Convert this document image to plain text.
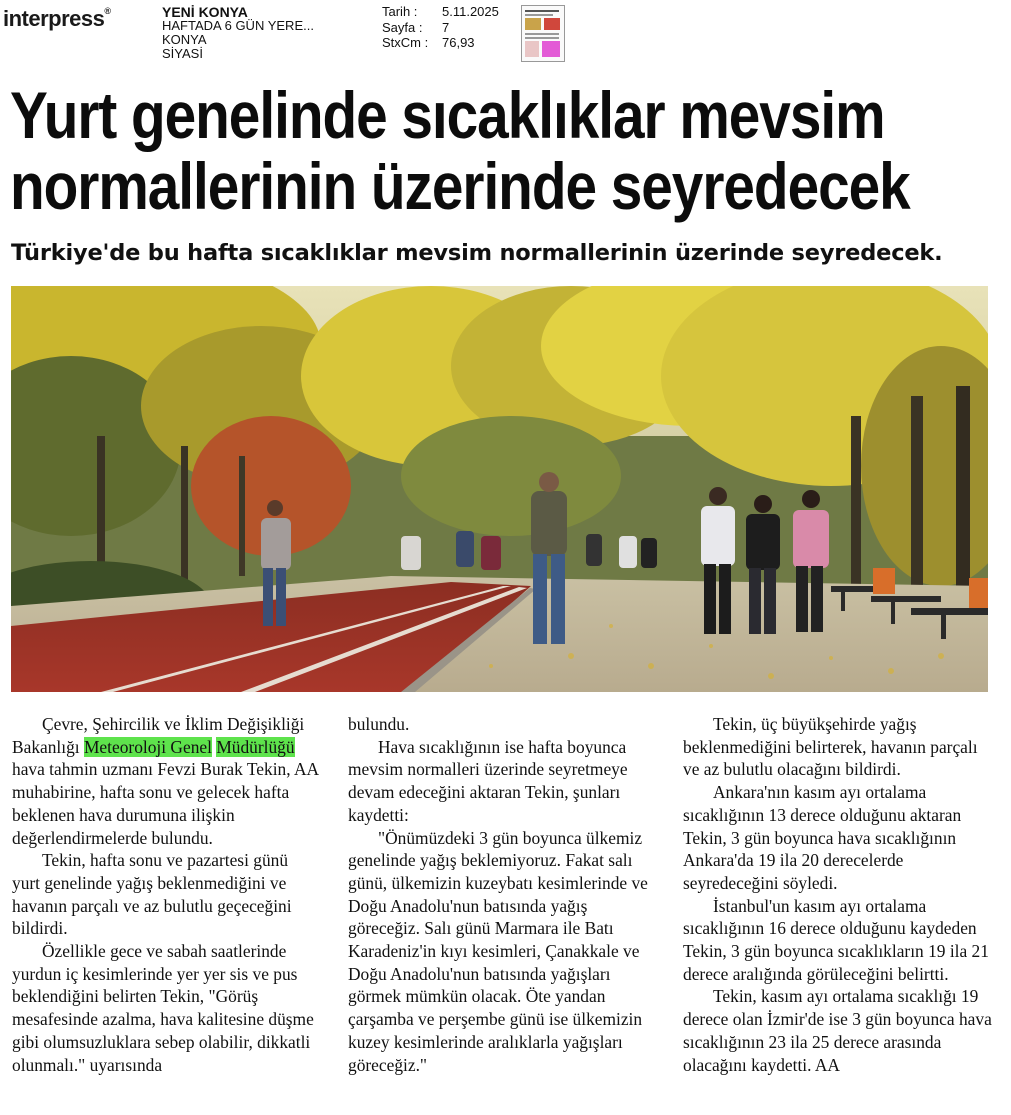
interpress®	YENİ KONYA
HAFTADA 6 GÜN YERE...
KONYA
SİYASİ
Tarih :	5.11.2025
Sayfa :	7
StxCm :	76,93
Yurt genelinde sıcaklıklar mevsim
normallerinin üzerinde seyredecek
Türkiye'de bu hafta sıcaklıklar mevsim normallerinin üzerinde seyredecek.

Çevre, Şehircilik ve İklim Değişikliği Bakanlığı Meteoroloji Genel Müdürlüğü hava tahmin uzmanı Fevzi Burak Tekin, AA muhabirine, hafta sonu ve gelecek hafta beklenen hava durumuna ilişkin değerlendirmelerde bulundu.

Tekin, hafta sonu ve pazartesi günü yurt genelinde yağış beklenmediğini ve havanın parçalı ve az bulutlu geçeceğini bildirdi.

Özellikle gece ve sabah saatlerinde yurdun iç kesimlerinde yer yer sis ve pus beklendiğini belirten Tekin, "Görüş mesafesinde azalma, hava kalitesine düşme gibi olumsuzluklara sebep olabilir, dikkatli olunmalı." uyarısında

bulundu.

Hava sıcaklığının ise hafta boyunca mevsim normalleri üzerinde seyretmeye devam edeceğini aktaran Tekin, şunları kaydetti:

"Önümüzdeki 3 gün boyunca ülkemiz genelinde yağış beklemiyoruz. Fakat salı günü, ülkemizin kuzeybatı kesimlerinde ve Doğu Anadolu'nun batısında yağış göreceğiz. Salı günü Marmara ile Batı Karadeniz'in kıyı kesimleri, Çanakkale ve Doğu Anadolu'nun batısında yağışları görmek mümkün olacak. Öte yandan çarşamba ve perşembe günü ise ülkemizin kuzey kesimlerinde aralıklarla yağışları göreceğiz."

Tekin, üç büyükşehirde yağış beklenmediğini belirterek, havanın parçalı ve az bulutlu olacağını bildirdi.

Ankara'nın kasım ayı ortalama sıcaklığının 13 derece olduğunu aktaran Tekin, 3 gün boyunca hava sıcaklığının Ankara'da 19 ila 20 derecelerde seyredeceğini söyledi.

İstanbul'un kasım ayı ortalama sıcaklığının 16 derece olduğunu kaydeden Tekin, 3 gün boyunca sıcaklıkların 19 ila 21 derece aralığında görüleceğini belirtti.

Tekin, kasım ayı ortalama sıcaklığı 19 derece olan İzmir'de ise 3 gün boyunca hava sıcaklığının 23 ila 25 derece arasında olacağını kaydetti. AA
